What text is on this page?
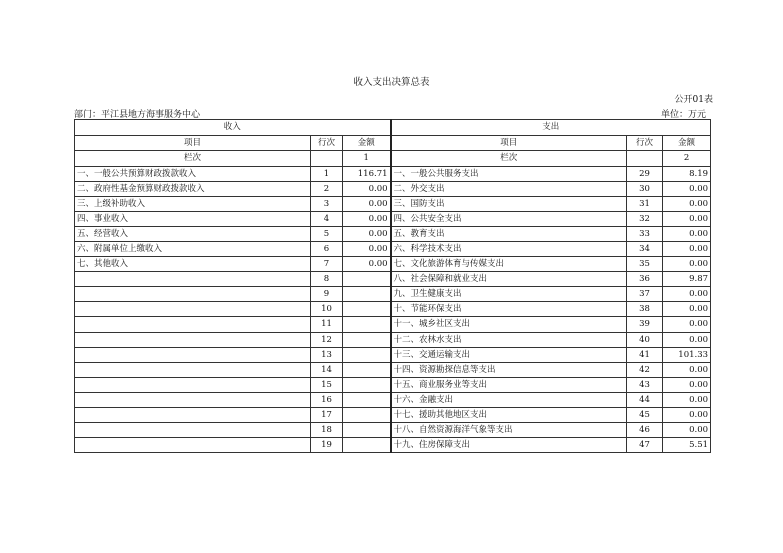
收入支出决算总表
公开01表
部门：平江县地方海事服务中心	单位：万元
收入			支出		
项目	行次	金额	项目	行次	金额
栏次		1	栏次		2
一、一般公共预算财政拨款收入	1	116.71	一、一般公共服务支出	29	8.19
二、政府性基金预算财政拨款收入	2	0.00	二、外交支出	30	0.00
三、上级补助收入	3	0.00	三、国防支出	31	0.00
四、事业收入	4	0.00	四、公共安全支出	32	0.00
五、经营收入	5	0.00	五、教育支出	33	0.00
六、附属单位上缴收入	6	0.00	六、科学技术支出	34	0.00
七、其他收入	7	0.00	七、文化旅游体育与传媒支出	35	0.00
	8		八、社会保障和就业支出	36	9.87
	9		九、卫生健康支出	37	0.00
	10		十、节能环保支出	38	0.00
	11		十一、城乡社区支出	39	0.00
	12		十二、农林水支出	40	0.00
	13		十三、交通运输支出	41	101.33
	14		十四、资源勘探信息等支出	42	0.00
	15		十五、商业服务业等支出	43	0.00
	16		十六、金融支出	44	0.00
	17		十七、援助其他地区支出	45	0.00
	18		十八、自然资源海洋气象等支出	46	0.00
	19		十九、住房保障支出	47	5.51
